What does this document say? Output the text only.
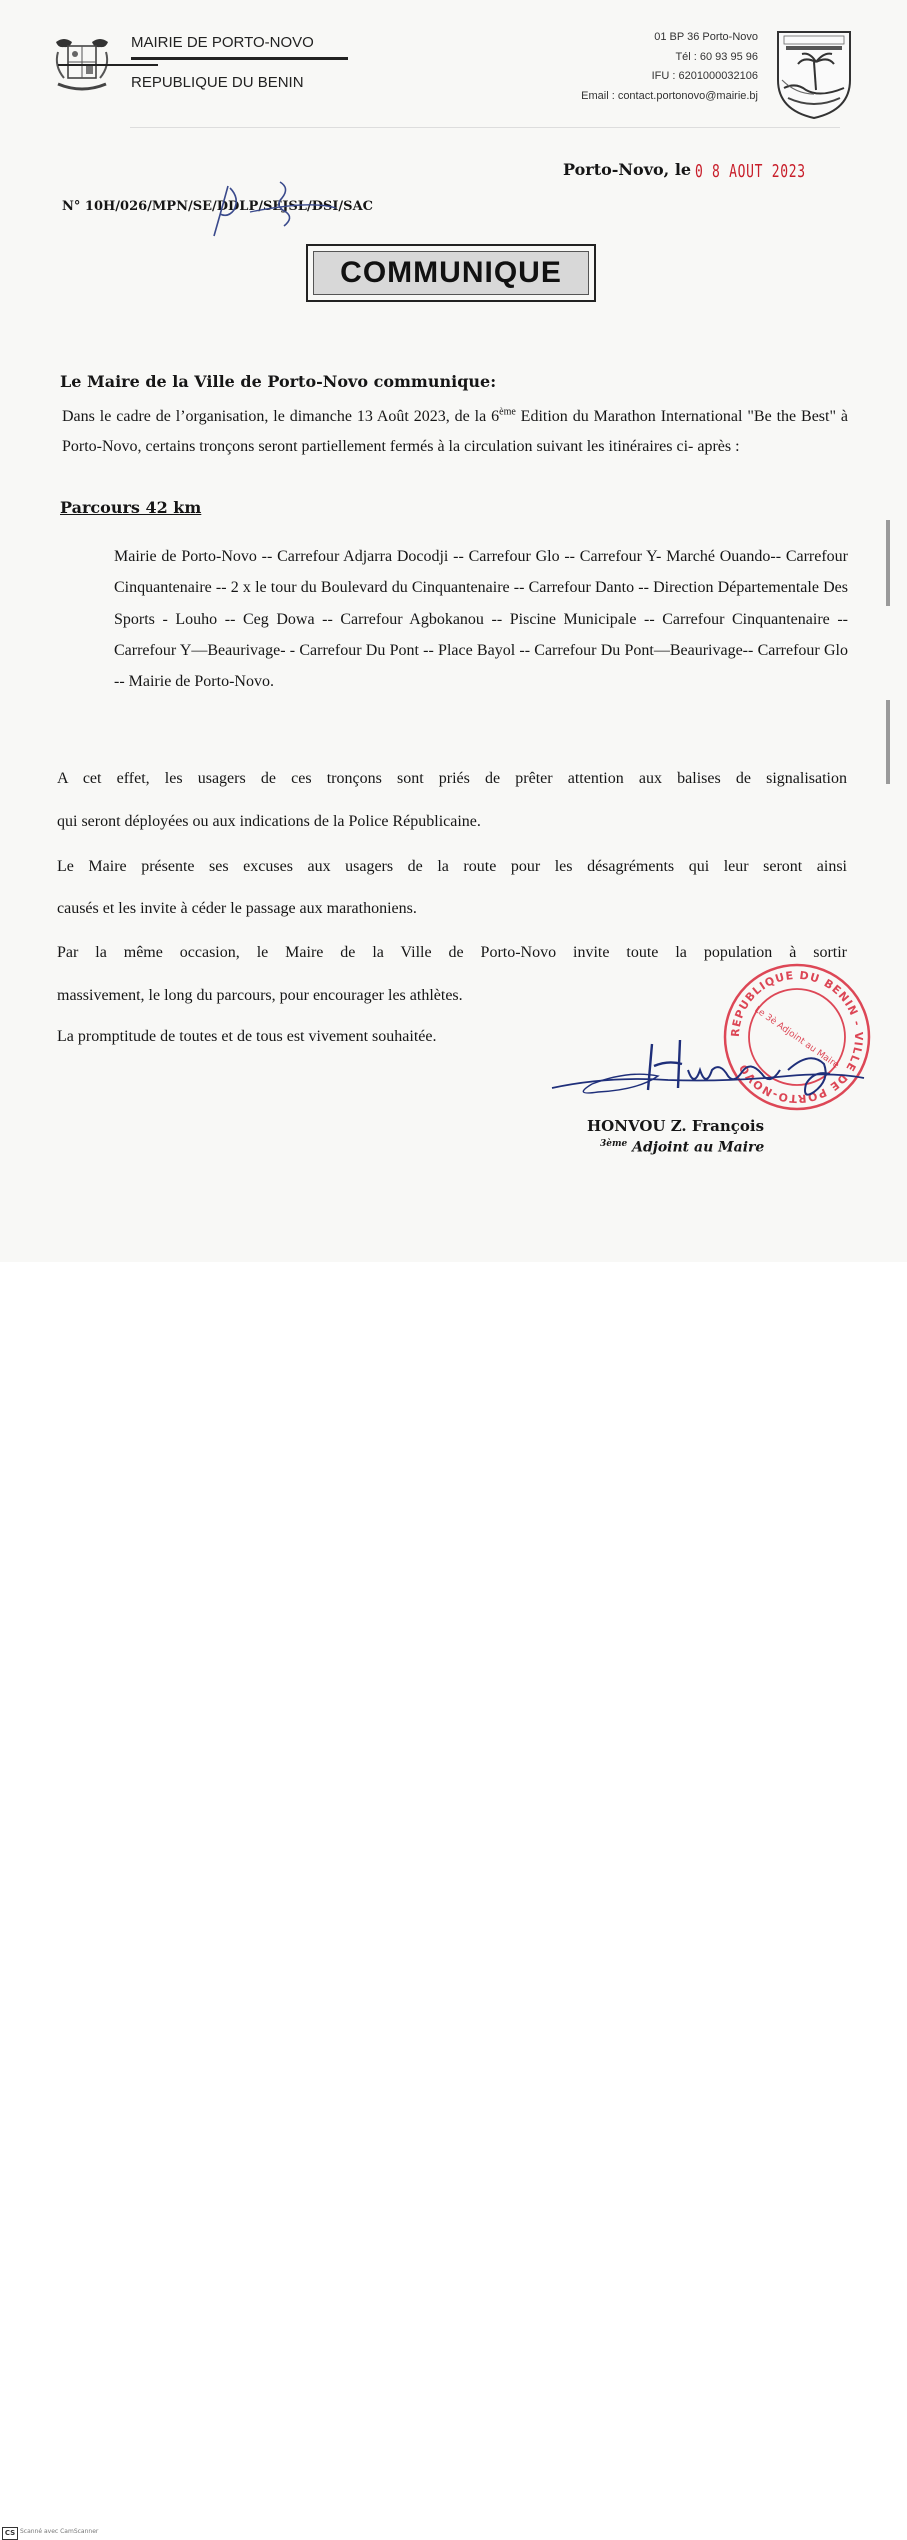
MAIRIE DE PORTO-NOVO
REPUBLIQUE DU BENIN
01 BP 36 Porto-Novo
Tél : 60 93 95 96
IFU : 6201000032106
Email : contact.portonovo@mairie.bj
Porto-Novo, le 0 8 AOUT 2023
N° 10H/026/MPN/SE/DDLP/SEJSL/DSI/SAC
COMMUNIQUE
Le Maire de la Ville de Porto-Novo communique:

Dans le cadre de l’organisation, le dimanche 13 Août 2023, de la 6ème Edition du Marathon International "Be the Best" à Porto-Novo, certains tronçons seront partiellement fermés à la circulation suivant les itinéraires ci- après :

Parcours 42 km

Mairie de Porto-Novo -- Carrefour Adjarra Docodji -- Carrefour Glo -- Carrefour Y- Marché Ouando-- Carrefour Cinquantenaire -- 2 x le tour du Boulevard du Cinquantenaire -- Carrefour Danto -- Direction Départementale Des Sports - Louho -- Ceg Dowa -- Carrefour Agbokanou -- Piscine Municipale -- Carrefour Cinquantenaire -- Carrefour Y—Beaurivage- - Carrefour Du Pont -- Place Bayol -- Carrefour Du Pont—Beaurivage-- Carrefour Glo -- Mairie de Porto-Novo.

A cet effet, les usagers de ces tronçons sont priés de prêter attention aux balises de signalisation

qui seront déployées ou aux indications de la Police Républicaine.

Le Maire présente ses excuses aux usagers de la route pour les désagréments qui leur seront ainsi

causés et les invite à céder le passage aux marathoniens.

Par la même occasion, le Maire de la Ville de Porto-Novo invite toute la population à sortir

massivement, le long du parcours, pour encourager les athlètes.

La promptitude de toutes et de tous est vivement souhaitée.	REPUBLIQUE DU BENIN - VILLE DE PORTO-NOVO Le 3è Adjoint au Maire
HONVOU Z. François
$^{3ème}$ Adjoint au Maire
CS Scanné avec CamScanner
